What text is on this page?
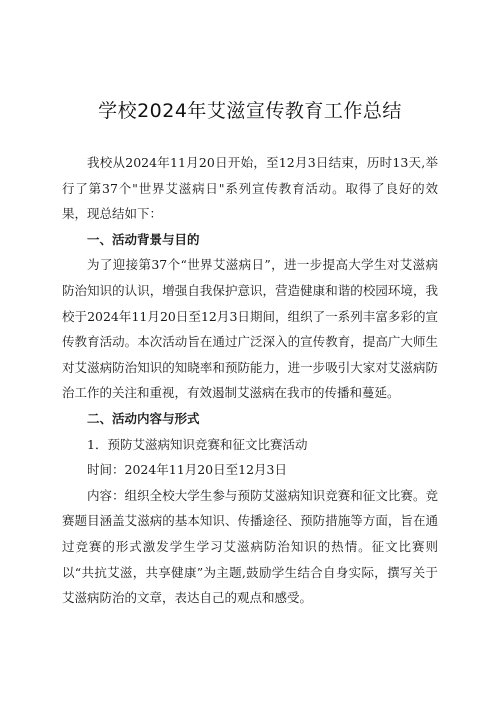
学校2024年艾滋宣传教育工作总结

我校从2024年11月20日开始，至12月3日结束，历时13天,举行了第37个"世界艾滋病日"系列宣传教育活动。取得了良好的效果，现总结如下：

一、活动背景与目的

为了迎接第37个“世界艾滋病日”，进一步提高大学生对艾滋病防治知识的认识，增强自我保护意识，营造健康和谐的校园环境，我校于2024年11月20日至12月3日期间，组织了一系列丰富多彩的宣传教育活动。本次活动旨在通过广泛深入的宣传教育，提高广大师生对艾滋病防治知识的知晓率和预防能力，进一步吸引大家对艾滋病防治工作的关注和重视，有效遏制艾滋病在我市的传播和蔓延。

二、活动内容与形式

1．预防艾滋病知识竞赛和征文比赛活动

时间：2024年11月20日至12月3日

内容：组织全校大学生参与预防艾滋病知识竞赛和征文比赛。竞赛题目涵盖艾滋病的基本知识、传播途径、预防措施等方面，旨在通过竞赛的形式激发学生学习艾滋病防治知识的热情。征文比赛则以“共抗艾滋，共享健康”为主题,鼓励学生结合自身实际，撰写关于艾滋病防治的文章，表达自己的观点和感受。
